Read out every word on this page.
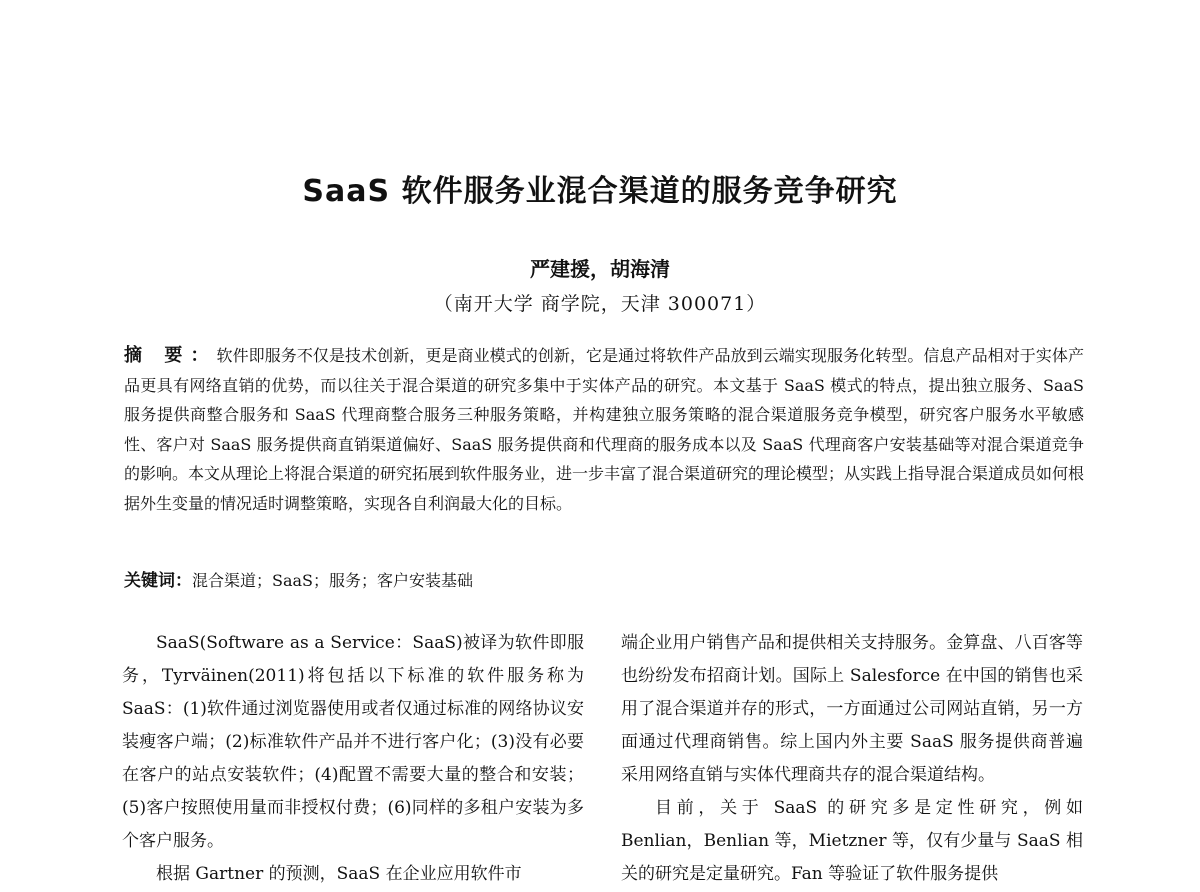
SaaS 软件服务业混合渠道的服务竞争研究
严建援，胡海清
（南开大学 商学院，天津 300071）

摘 要：软件即服务不仅是技术创新，更是商业模式的创新，它是通过将软件产品放到云端实现服务化转型。信息产品相对于实体产品更具有网络直销的优势，而以往关于混合渠道的研究多集中于实体产品的研究。本文基于 SaaS 模式的特点，提出独立服务、SaaS 服务提供商整合服务和 SaaS 代理商整合服务三种服务策略，并构建独立服务策略的混合渠道服务竞争模型，研究客户服务水平敏感性、客户对 SaaS 服务提供商直销渠道偏好、SaaS 服务提供商和代理商的服务成本以及 SaaS 代理商客户安装基础等对混合渠道竞争的影响。本文从理论上将混合渠道的研究拓展到软件服务业，进一步丰富了混合渠道研究的理论模型；从实践上指导混合渠道成员如何根据外生变量的情况适时调整策略，实现各自利润最大化的目标。

关键词：混合渠道；SaaS；服务；客户安装基础

SaaS(Software as a Service：SaaS)被译为软件即服务，Tyrväinen(2011)将包括以下标准的软件服务称为 SaaS：(1)软件通过浏览器使用或者仅通过标准的网络协议安装瘦客户端；(2)标准软件产品并不进行客户化；(3)没有必要在客户的站点安装软件；(4)配置不需要大量的整合和安装；(5)客户按照使用量而非授权付费；(6)同样的多租户安装为多个客户服务。

根据 Gartner 的预测，SaaS 在企业应用软件市

端企业用户销售产品和提供相关支持服务。金算盘、八百客等也纷纷发布招商计划。国际上 Salesforce 在中国的销售也采用了混合渠道并存的形式，一方面通过公司网站直销，另一方面通过代理商销售。综上国内外主要 SaaS 服务提供商普遍采用网络直销与实体代理商共存的混合渠道结构。

目前，关于 SaaS 的研究多是定性研究，例如 Benlian，Benlian 等，Mietzner 等，仅有少量与 SaaS 相关的研究是定量研究。Fan 等验证了软件服务提供
